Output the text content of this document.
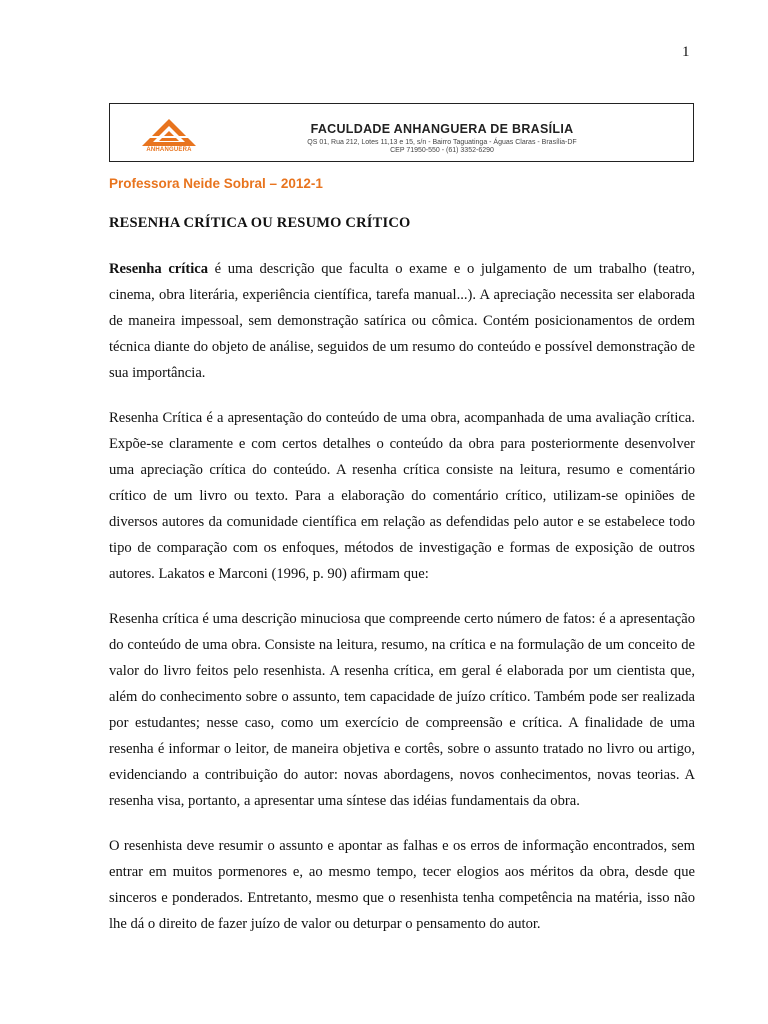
1
ANHANGUERA
FACULDADE ANHANGUERA DE BRASÍLIA
QS 01, Rua 212, Lotes 11,13 e 15, s/n - Bairro Taguatinga - Águas Claras - Brasília-DF
CEP 71950-550 - (61) 3352-6290
Professora Neide Sobral – 2012-1
RESENHA CRÍTICA OU RESUMO CRÍTICO

Resenha crítica é uma descrição que faculta o exame e o julgamento de um trabalho (teatro, cinema, obra literária, experiência científica, tarefa manual...). A apreciação necessita ser elaborada de maneira impessoal, sem demonstração satírica ou cômica. Contém posicionamentos de ordem técnica diante do objeto de análise, seguidos de um resumo do conteúdo e possível demonstração de sua importância.

Resenha Crítica é a apresentação do conteúdo de uma obra, acompanhada de uma avaliação crítica. Expõe-se claramente e com certos detalhes o conteúdo da obra para posteriormente desenvolver uma apreciação crítica do conteúdo. A resenha crítica consiste na leitura, resumo e comentário crítico de um livro ou texto. Para a elaboração do comentário crítico, utilizam-se opiniões de diversos autores da comunidade científica em relação as defendidas pelo autor e se estabelece todo tipo de comparação com os enfoques, métodos de investigação e formas de exposição de outros autores. Lakatos e Marconi (1996, p. 90) afirmam que:

Resenha crítica é uma descrição minuciosa que compreende certo número de fatos: é a apresentação do conteúdo de uma obra. Consiste na leitura, resumo, na crítica e na formulação de um conceito de valor do livro feitos pelo resenhista. A resenha crítica, em geral é elaborada por um cientista que, além do conhecimento sobre o assunto, tem capacidade de juízo crítico. Também pode ser realizada por estudantes; nesse caso, como um exercício de compreensão e crítica. A finalidade de uma resenha é informar o leitor, de maneira objetiva e cortês, sobre o assunto tratado no livro ou artigo, evidenciando a contribuição do autor: novas abordagens, novos conhecimentos, novas teorias. A resenha visa, portanto, a apresentar uma síntese das idéias fundamentais da obra.

O resenhista deve resumir o assunto e apontar as falhas e os erros de informação encontrados, sem entrar em muitos pormenores e, ao mesmo tempo, tecer elogios aos méritos da obra, desde que sinceros e ponderados. Entretanto, mesmo que o resenhista tenha competência na matéria, isso não lhe dá o direito de fazer juízo de valor ou deturpar o pensamento do autor.
